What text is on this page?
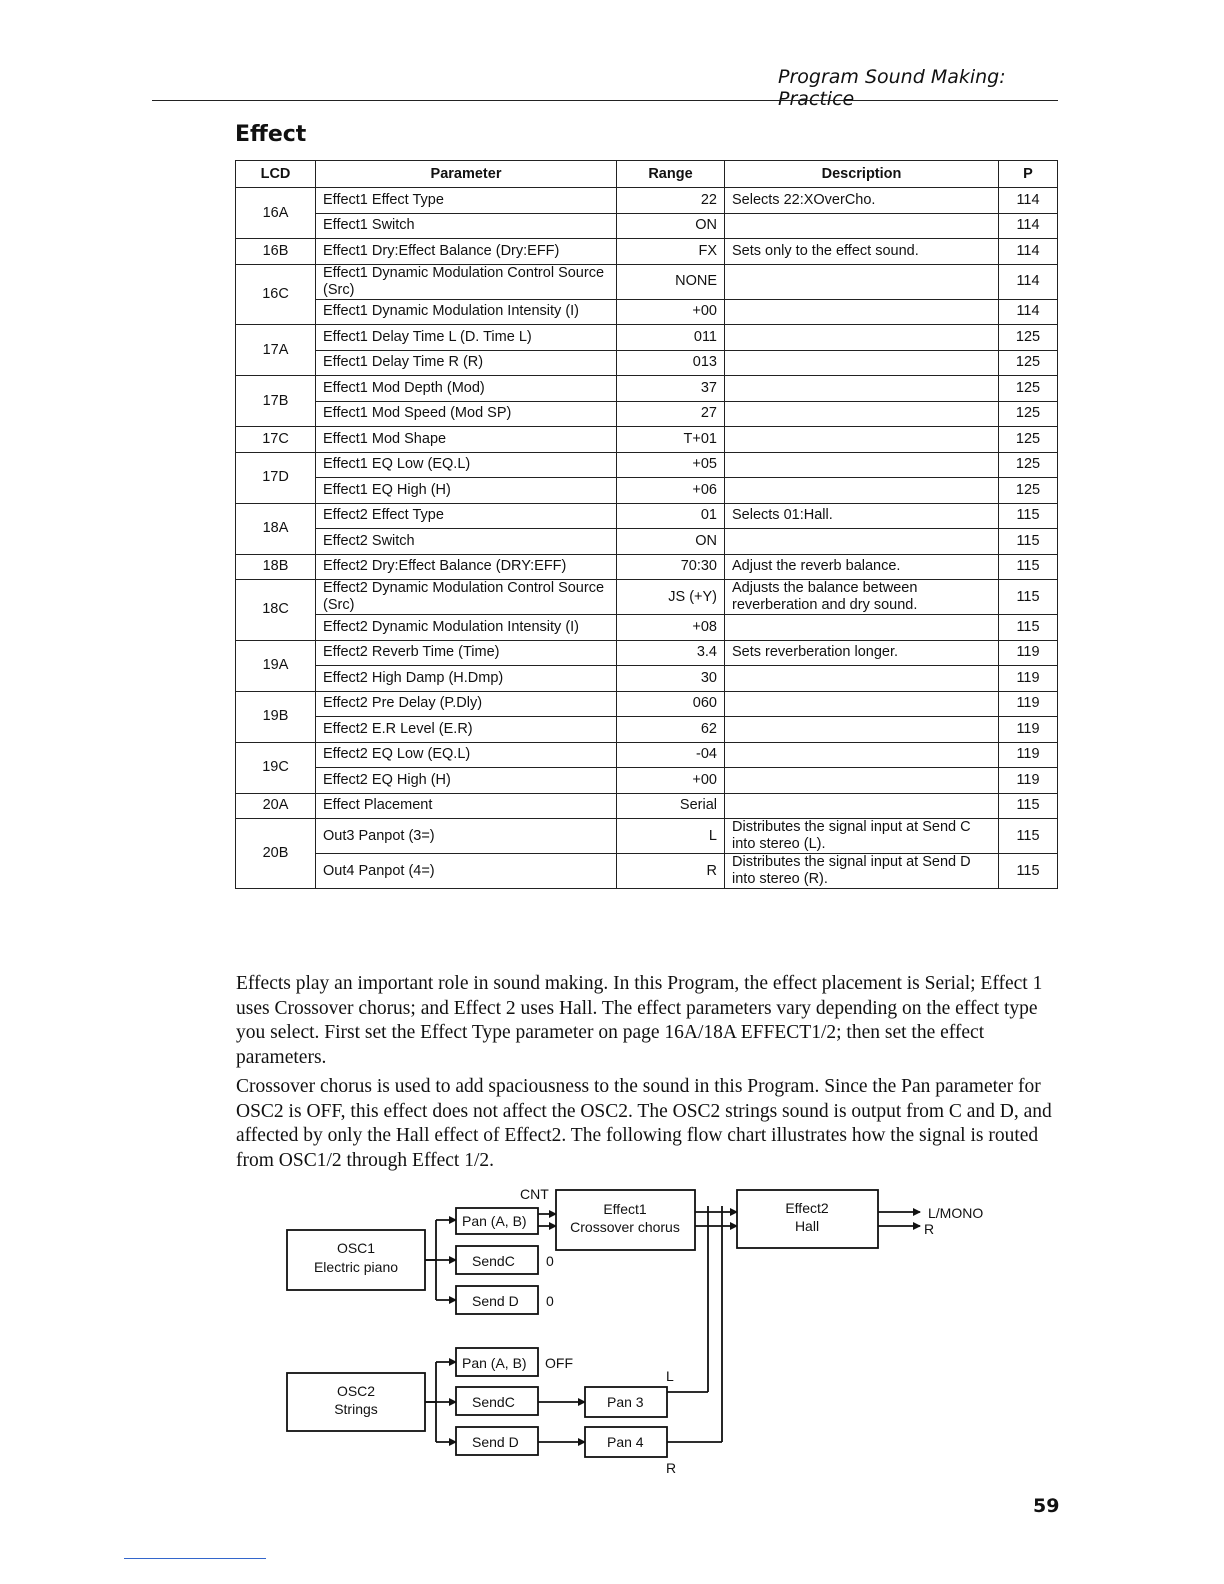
Program Sound Making: Practice
Effect
LCD	Parameter	Range	Description	P
16A	Effect1 Effect Type	22	Selects 22:XOverCho.	114
	Effect1 Switch	ON		114
16B	Effect1 Dry:Effect Balance (Dry:EFF)	FX	Sets only to the effect sound.	114
16C	Effect1 Dynamic Modulation Control Source (Src)	NONE		114
	Effect1 Dynamic Modulation Intensity (I)	+00		114
17A	Effect1 Delay Time L (D. Time L)	011		125
	Effect1 Delay Time R (R)	013		125
17B	Effect1 Mod Depth (Mod)	37		125
	Effect1 Mod Speed (Mod SP)	27		125
17C	Effect1 Mod Shape	T+01		125
17D	Effect1 EQ Low (EQ.L)	+05		125
	Effect1 EQ High (H)	+06		125
18A	Effect2 Effect Type	01	Selects 01:Hall.	115
	Effect2 Switch	ON		115
18B	Effect2 Dry:Effect Balance (DRY:EFF)	70:30	Adjust the reverb balance.	115
18C	Effect2 Dynamic Modulation Control Source (Src)	JS (+Y)	Adjusts the balance between reverberation and dry sound.	115
	Effect2 Dynamic Modulation Intensity (I)	+08		115
19A	Effect2 Reverb Time (Time)	3.4	Sets reverberation longer.	119
	Effect2 High Damp (H.Dmp)	30		119
19B	Effect2 Pre Delay (P.Dly)	060		119
	Effect2 E.R Level (E.R)	62		119
19C	Effect2 EQ Low (EQ.L)	-04		119
	Effect2 EQ High (H)	+00		119
20A	Effect Placement	Serial		115
20B	Out3 Panpot (3=)	L	Distributes the signal input at Send C into stereo (L).	115
	Out4 Panpot (4=)	R	Distributes the signal input at Send D into stereo (R).	115
Effects play an important role in sound making. In this Program, the effect placement is Serial; Effect 1 uses Crossover chorus; and Effect 2 uses Hall. The effect parameters vary depending on the effect type you select. First set the Effect Type parameter on page 16A/18A EFFECT1/2; then set the effect parameters.
Crossover chorus is used to add spaciousness to the sound in this Program. Since the Pan parameter for OSC2 is OFF, this effect does not affect the OSC2. The OSC2 strings sound is output from C and D, and affected by only the Hall effect of Effect2. The following flow chart illustrates how the signal is routed from OSC1/2 through Effect 1/2.
CNT
Pan (A, B)
SendC 0
Send D 0
OSC1
Electric piano
Effect1
Crossover chorus
Effect2
Hall
L/MONO
R
Pan (A, B) OFF
SendC
Send D
OSC2
Strings	Pan 3
Pan 4
L
R
59
